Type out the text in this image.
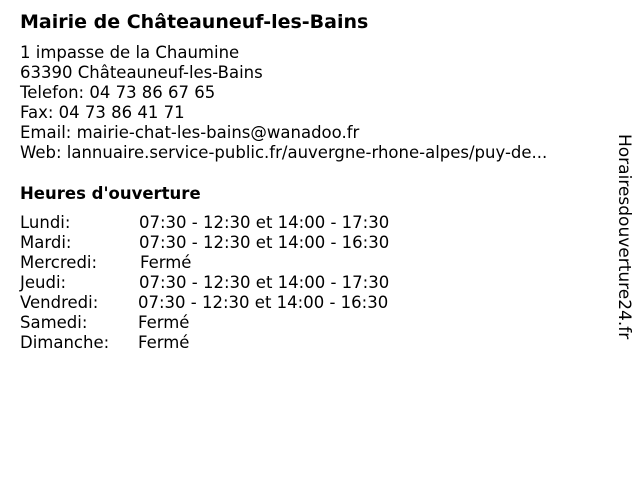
Mairie de Châteauneuf-les-Bains
1 impasse de la Chaumine
63390 Châteauneuf-les-Bains
Telefon: 04 73 86 67 65
Fax: 04 73 86 41 71
Email: mairie-chat-les-bains@wanadoo.fr
Web: lannuaire.service-public.fr/auvergne-rhone-alpes/puy-de...
Heures d'ouverture
Lundi:	07:30 - 12:30 et 14:00 - 17:30
Mardi:	07:30 - 12:30 et 14:00 - 16:30
Mercredi:	Fermé
Jeudi:	07:30 - 12:30 et 14:00 - 17:30
Vendredi: 07:30 - 12:30 et 14:00 - 16:30
Samedi:	Fermé
Dimanche: Fermé
Horairesdouverture24.fr
